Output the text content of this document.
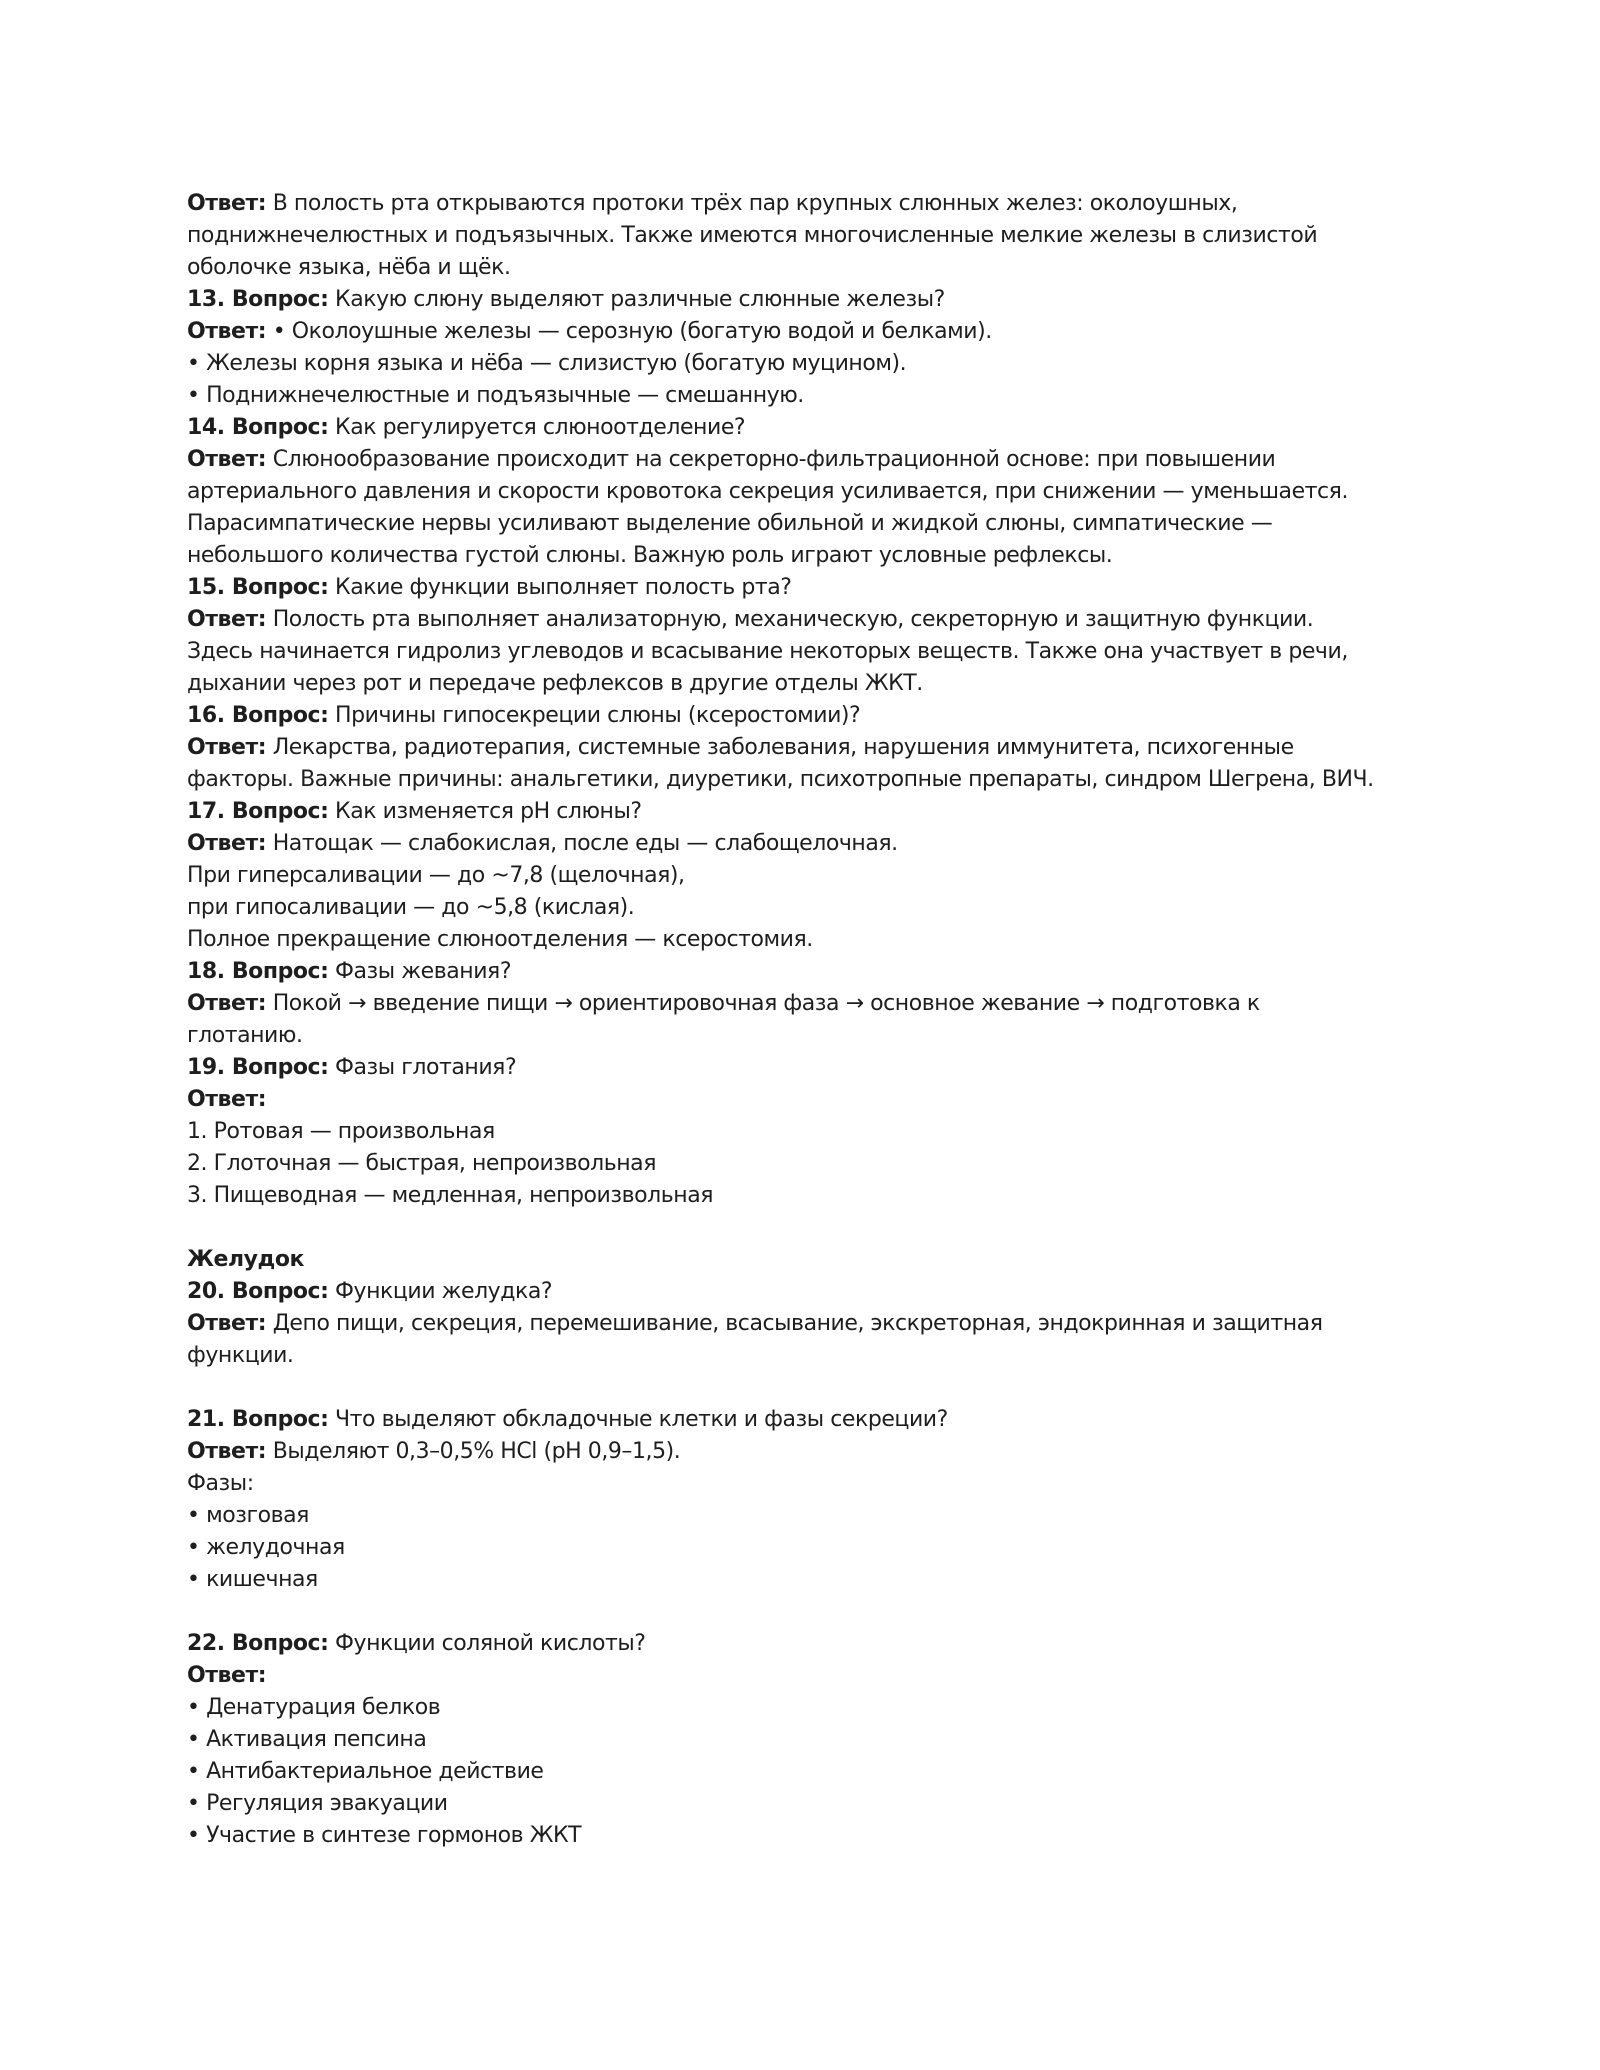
Ответ: В полость рта открываются протоки трёх пар крупных слюнных желез: околоушных,
поднижнечелюстных и подъязычных. Также имеются многочисленные мелкие железы в слизистой
оболочке языка, нёба и щёк.
13. Вопрос: Какую слюну выделяют различные слюнные железы?
Ответ: • Околоушные железы — серозную (богатую водой и белками).
• Железы корня языка и нёба — слизистую (богатую муцином).
• Поднижнечелюстные и подъязычные — смешанную.
14. Вопрос: Как регулируется слюноотделение?
Ответ: Слюнообразование происходит на секреторно-фильтрационной основе: при повышении
артериального давления и скорости кровотока секреция усиливается, при снижении — уменьшается.
Парасимпатические нервы усиливают выделение обильной и жидкой слюны, симпатические —
небольшого количества густой слюны. Важную роль играют условные рефлексы.
15. Вопрос: Какие функции выполняет полость рта?
Ответ: Полость рта выполняет анализаторную, механическую, секреторную и защитную функции.
Здесь начинается гидролиз углеводов и всасывание некоторых веществ. Также она участвует в речи,
дыхании через рот и передаче рефлексов в другие отделы ЖКТ.
16. Вопрос: Причины гипосекреции слюны (ксеростомии)?
Ответ: Лекарства, радиотерапия, системные заболевания, нарушения иммунитета, психогенные
факторы. Важные причины: анальгетики, диуретики, психотропные препараты, синдром Шегрена, ВИЧ.
17. Вопрос: Как изменяется pH слюны?
Ответ: Натощак — слабокислая, после еды — слабощелочная.
При гиперсаливации — до ~7,8 (щелочная),
при гипосаливации — до ~5,8 (кислая).
Полное прекращение слюноотделения — ксеростомия.
18. Вопрос: Фазы жевания?
Ответ: Покой → введение пищи → ориентировочная фаза → основное жевание → подготовка к
глотанию.
19. Вопрос: Фазы глотания?
Ответ:
1. Ротовая — произвольная
2. Глоточная — быстрая, непроизвольная
3. Пищеводная — медленная, непроизвольная
Желудок
20. Вопрос: Функции желудка?
Ответ: Депо пищи, секреция, перемешивание, всасывание, экскреторная, эндокринная и защитная
функции.
21. Вопрос: Что выделяют обкладочные клетки и фазы секреции?
Ответ: Выделяют 0,3–0,5% HCl (pH 0,9–1,5).
Фазы:
• мозговая
• желудочная
• кишечная
22. Вопрос: Функции соляной кислоты?
Ответ:
• Денатурация белков
• Активация пепсина
• Антибактериальное действие
• Регуляция эвакуации
• Участие в синтезе гормонов ЖКТ
